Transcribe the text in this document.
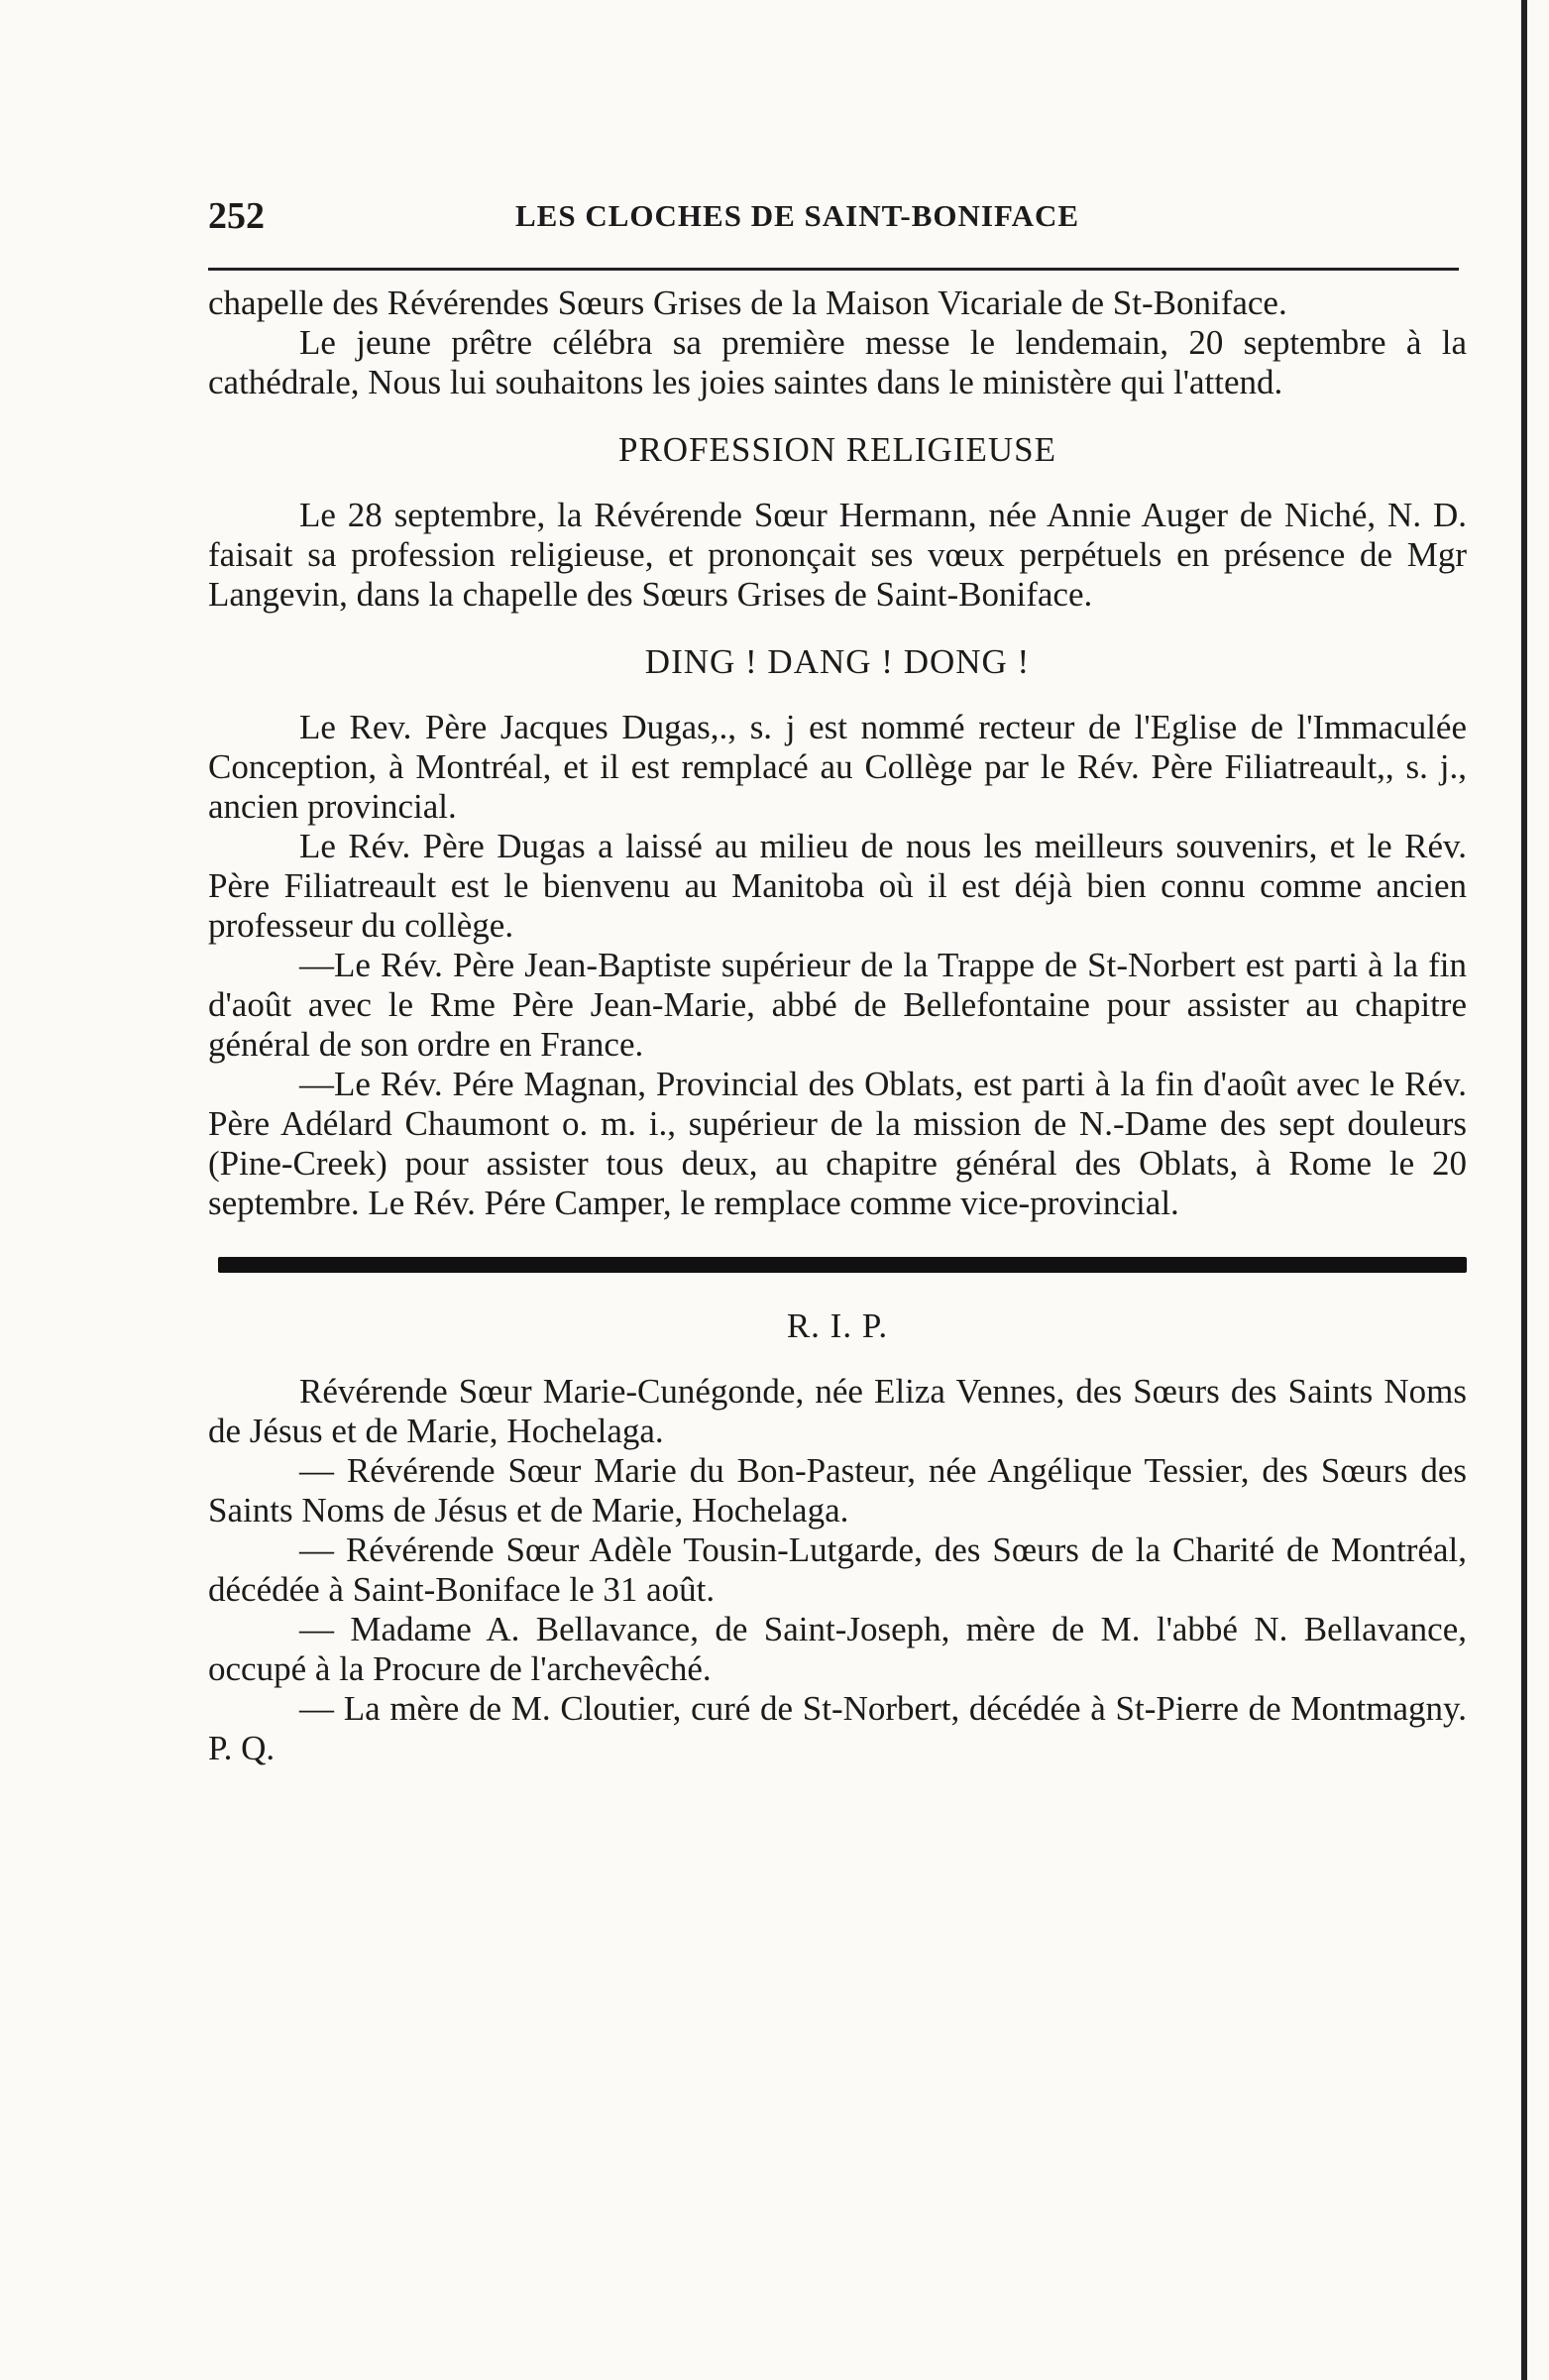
252	LES CLOCHES DE SAINT-BONIFACE

chapelle des Révérendes Sœurs Grises de la Maison Vicariale de St-Boniface.

Le jeune prêtre célébra sa première messe le lendemain, 20 septembre à la cathédrale, Nous lui souhaitons les joies saintes dans le ministère qui l'attend.

PROFESSION RELIGIEUSE

Le 28 septembre, la Révérende Sœur Hermann, née Annie Auger de Niché, N. D. faisait sa profession religieuse, et prononçait ses vœux perpétuels en présence de Mgr Langevin, dans la chapelle des Sœurs Grises de Saint-Boniface.

DING ! DANG ! DONG !

Le Rev. Père Jacques Dugas,., s. j est nommé recteur de l'Eglise de l'Immaculée Conception, à Montréal, et il est remplacé au Collège par le Rév. Père Filiatreault,, s. j., ancien provincial.

Le Rév. Père Dugas a laissé au milieu de nous les meilleurs souvenirs, et le Rév. Père Filiatreault est le bienvenu au Manitoba où il est déjà bien connu comme ancien professeur du collège.

—Le Rév. Père Jean-Baptiste supérieur de la Trappe de St-Norbert est parti à la fin d'août avec le Rme Père Jean-Marie, abbé de Bellefontaine pour assister au chapitre général de son ordre en France.

—Le Rév. Pére Magnan, Provincial des Oblats, est parti à la fin d'août avec le Rév. Père Adélard Chaumont o. m. i., supérieur de la mission de N.-Dame des sept douleurs (Pine-Creek) pour assister tous deux, au chapitre général des Oblats, à Rome le 20 septembre. Le Rév. Pére Camper, le remplace comme vice-provincial.

R. I. P.

Révérende Sœur Marie-Cunégonde, née Eliza Vennes, des Sœurs des Saints Noms de Jésus et de Marie, Hochelaga.

— Révérende Sœur Marie du Bon-Pasteur, née Angélique Tessier, des Sœurs des Saints Noms de Jésus et de Marie, Hochelaga.

— Révérende Sœur Adèle Tousin-Lutgarde, des Sœurs de la Charité de Montréal, décédée à Saint-Boniface le 31 août.

— Madame A. Bellavance, de Saint-Joseph, mère de M. l'abbé N. Bellavance, occupé à la Procure de l'archevêché.

— La mère de M. Cloutier, curé de St-Norbert, décédée à St-Pierre de Montmagny. P. Q.
